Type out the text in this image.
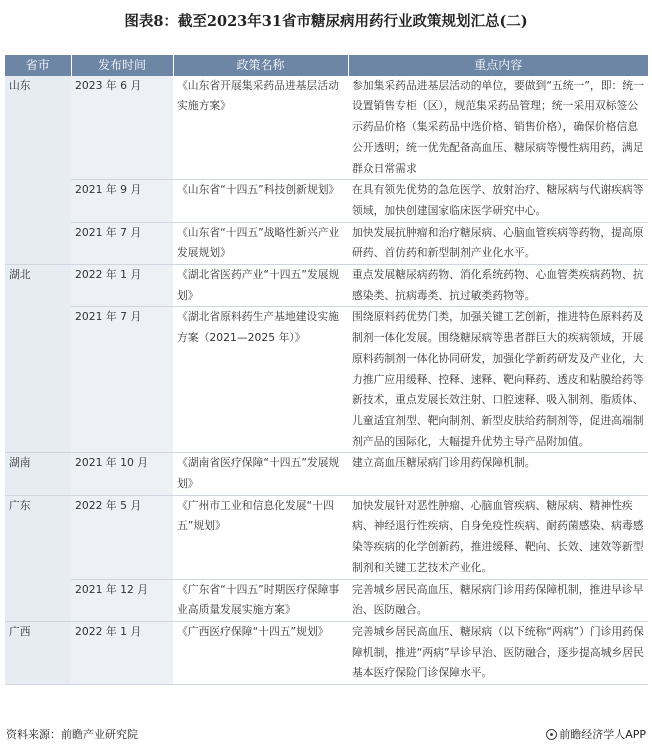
图表8：截至2023年31省市糖尿病用药行业政策规划汇总(二)
省市	发布时间	政策名称	重点内容
山东	2023 年 6 月	《山东省开展集采药品进基层活动实施方案》	参加集采药品进基层活动的单位，要做到“五统一”，即：统一设置销售专柜（区），规范集采药品管理；统一采用双标签公示药品价格（集采药品中选价格、销售价格），确保价格信息公开透明；统一优先配备高血压、糖尿病等慢性病用药，满足群众日常需求
	2021 年 9 月	《山东省“十四五”科技创新规划》	在具有领先优势的急危医学、放射治疗、糖尿病与代谢疾病等领域，加快创建国家临床医学研究中心。
	2021 年 7 月	《山东省“十四五”战略性新兴产业发展规划》	加快发展抗肿瘤和治疗糖尿病、心脑血管疾病等药物，提高原研药、首仿药和新型制剂产业化水平。
湖北	2022 年 1 月	《湖北省医药产业“十四五”发展规划》	重点发展糖尿病药物、消化系统药物、心血管类疾病药物、抗感染类、抗病毒类、抗过敏类药物等。
	2021 年 7 月	《湖北省原料药生产基地建设实施方案（2021—2025 年）》	围绕原料药优势门类，加强关键工艺创新，推进特色原料药及制剂一体化发展。围绕糖尿病等患者群巨大的疾病领域，开展原料药制剂一体化协同研发，加强化学新药研发及产业化，大力推广应用缓释、控释、速释、靶向释药、透皮和粘膜给药等新技术，重点发展长效注射、口腔速释、吸入制剂、脂质体、儿童适宜剂型、靶向制剂、新型皮肤给药制剂等，促进高端制剂产品的国际化，大幅提升优势主导产品附加值。
湖南	2021 年 10 月	《湖南省医疗保障“十四五”发展规划》	建立高血压糖尿病门诊用药保障机制。
广东	2022 年 5 月	《广州市工业和信息化发展“十四五”规划》	加快发展针对恶性肿瘤、心脑血管疾病、糖尿病、精神性疾病、神经退行性疾病、自身免疫性疾病、耐药菌感染、病毒感染等疾病的化学创新药，推进缓释、靶向、长效、速效等新型制剂和关键工艺技术产业化。
	2021 年 12 月	《广东省“十四五”时期医疗保障事业高质量发展实施方案》	完善城乡居民高血压、糖尿病门诊用药保障机制，推进早诊早治、医防融合。
广西	2022 年 1 月	《广西医疗保障“十四五”规划》	完善城乡居民高血压、糖尿病（以下统称“两病”）门诊用药保障机制，推进“两病”早诊早治、医防融合，逐步提高城乡居民基本医疗保险门诊保障水平。
资料来源：前瞻产业研究院	前瞻经济学人APP
